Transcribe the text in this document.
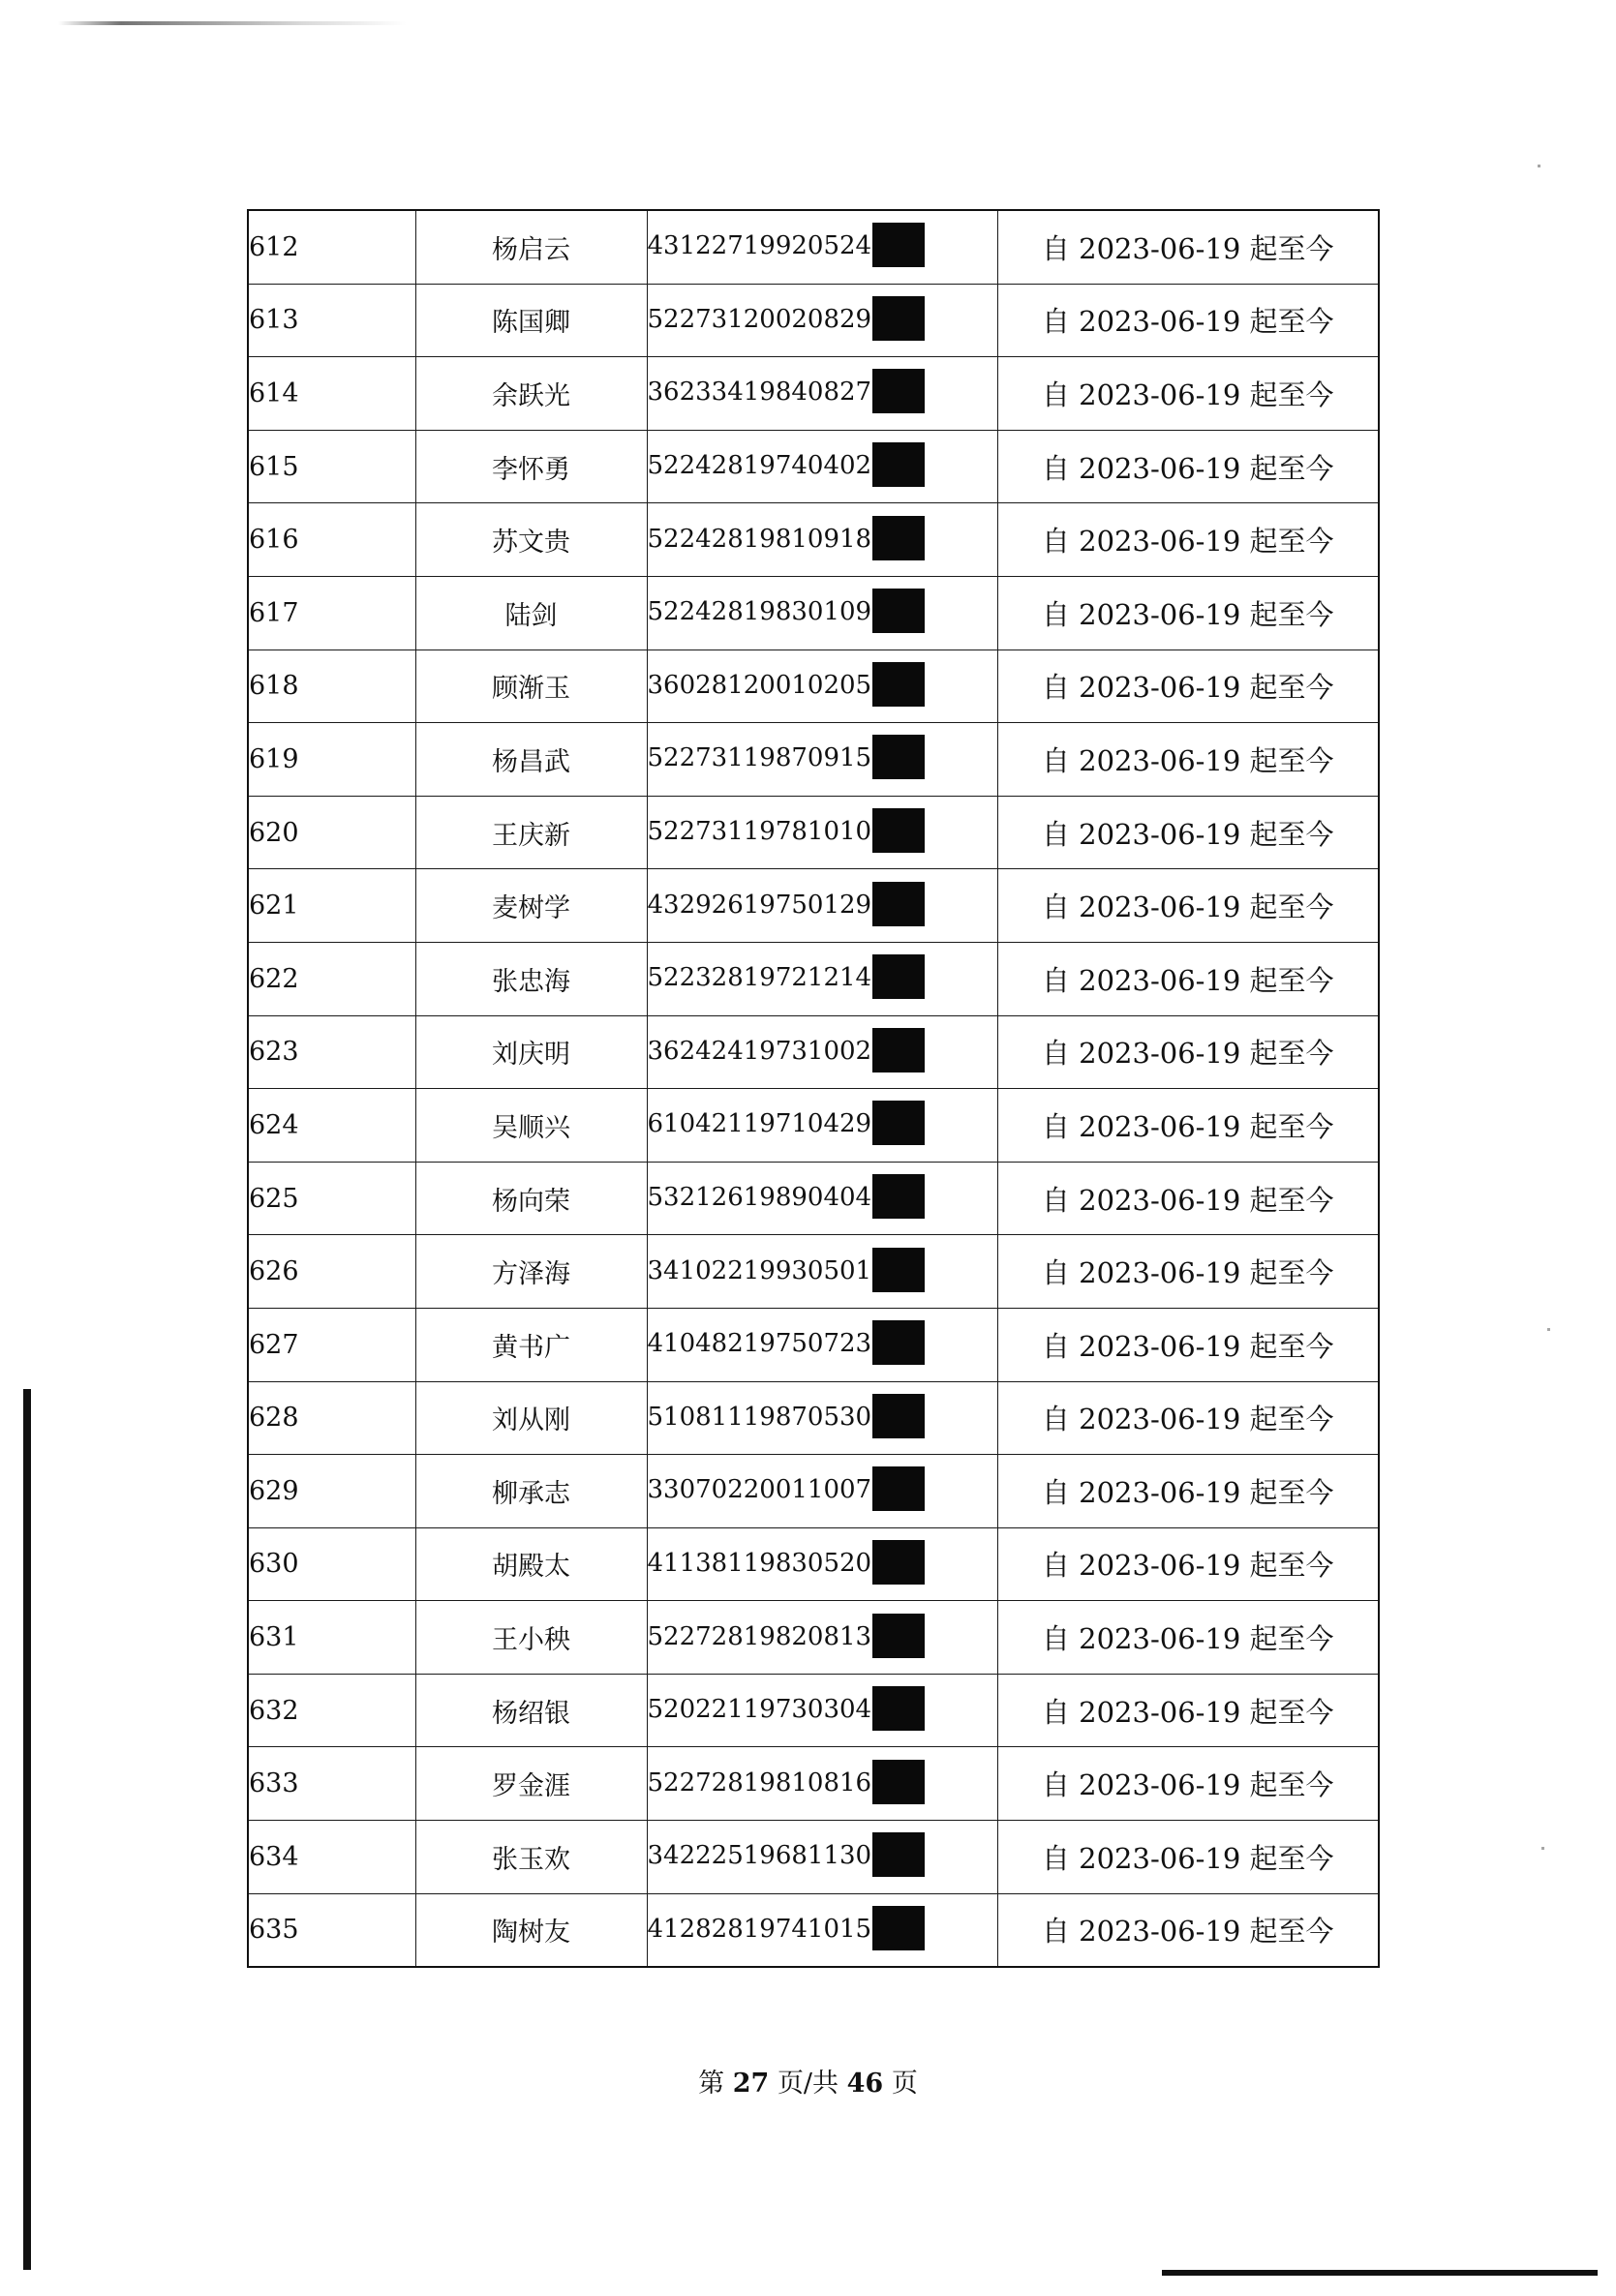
612	杨启云	43122719920524	自 2023-06-19 起至今
613	陈国卿	52273120020829	自 2023-06-19 起至今
614	余跃光	36233419840827	自 2023-06-19 起至今
615	李怀勇	52242819740402	自 2023-06-19 起至今
616	苏文贵	52242819810918	自 2023-06-19 起至今
617	陆剑	52242819830109	自 2023-06-19 起至今
618	顾渐玉	36028120010205	自 2023-06-19 起至今
619	杨昌武	52273119870915	自 2023-06-19 起至今
620	王庆新	52273119781010	自 2023-06-19 起至今
621	麦树学	43292619750129	自 2023-06-19 起至今
622	张忠海	52232819721214	自 2023-06-19 起至今
623	刘庆明	36242419731002	自 2023-06-19 起至今
624	吴顺兴	61042119710429	自 2023-06-19 起至今
625	杨向荣	53212619890404	自 2023-06-19 起至今
626	方泽海	34102219930501	自 2023-06-19 起至今
627	黄书广	41048219750723	自 2023-06-19 起至今
628	刘从刚	51081119870530	自 2023-06-19 起至今
629	柳承志	33070220011007	自 2023-06-19 起至今
630	胡殿太	41138119830520	自 2023-06-19 起至今
631	王小秧	52272819820813	自 2023-06-19 起至今
632	杨绍银	52022119730304	自 2023-06-19 起至今
633	罗金涯	52272819810816	自 2023-06-19 起至今
634	张玉欢	34222519681130	自 2023-06-19 起至今
635	陶树友	41282819741015	自 2023-06-19 起至今
第 27 页/共 46 页
